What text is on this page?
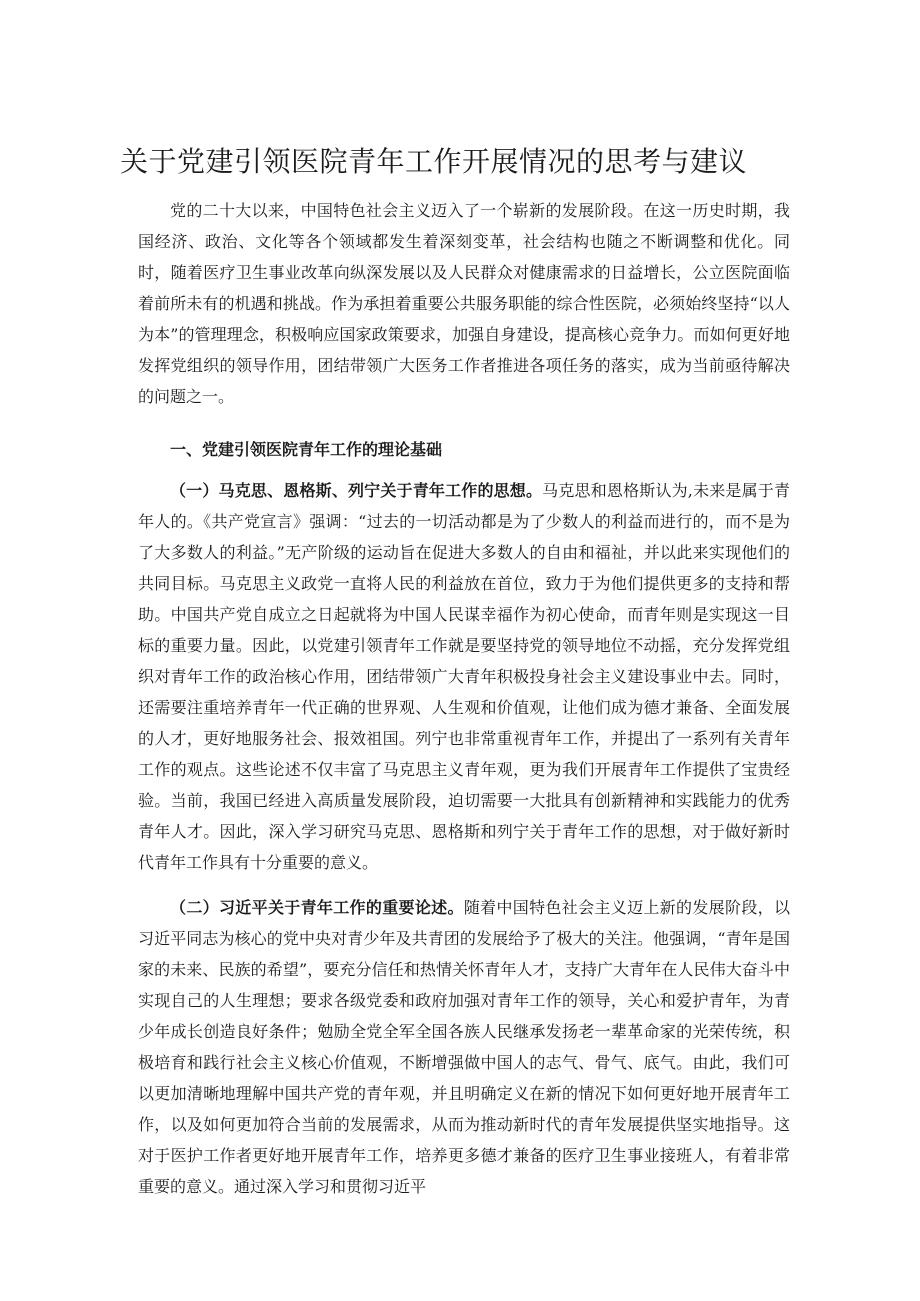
关于党建引领医院青年工作开展情况的思考与建议

党的二十大以来，中国特色社会主义迈入了一个崭新的发展阶段。在这一历史时期，我国经济、政治、文化等各个领域都发生着深刻变革，社会结构也随之不断调整和优化。同时，随着医疗卫生事业改革向纵深发展以及人民群众对健康需求的日益增长，公立医院面临着前所未有的机遇和挑战。作为承担着重要公共服务职能的综合性医院，必须始终坚持“以人为本”的管理理念，积极响应国家政策要求，加强自身建设，提高核心竞争力。而如何更好地发挥党组织的领导作用，团结带领广大医务工作者推进各项任务的落实，成为当前亟待解决的问题之一。

一、党建引领医院青年工作的理论基础

（一）马克思、恩格斯、列宁关于青年工作的思想。马克思和恩格斯认为,未来是属于青年人的。《共产党宣言》强调：“过去的一切活动都是为了少数人的利益而进行的，而不是为了大多数人的利益。”无产阶级的运动旨在促进大多数人的自由和福祉，并以此来实现他们的共同目标。马克思主义政党一直将人民的利益放在首位，致力于为他们提供更多的支持和帮助。中国共产党自成立之日起就将为中国人民谋幸福作为初心使命，而青年则是实现这一目标的重要力量。因此，以党建引领青年工作就是要坚持党的领导地位不动摇，充分发挥党组织对青年工作的政治核心作用，团结带领广大青年积极投身社会主义建设事业中去。同时，还需要注重培养青年一代正确的世界观、人生观和价值观，让他们成为德才兼备、全面发展的人才，更好地服务社会、报效祖国。列宁也非常重视青年工作，并提出了一系列有关青年工作的观点。这些论述不仅丰富了马克思主义青年观，更为我们开展青年工作提供了宝贵经验。当前，我国已经进入高质量发展阶段，迫切需要一大批具有创新精神和实践能力的优秀青年人才。因此，深入学习研究马克思、恩格斯和列宁关于青年工作的思想，对于做好新时代青年工作具有十分重要的意义。

（二）习近平关于青年工作的重要论述。随着中国特色社会主义迈上新的发展阶段，以习近平同志为核心的党中央对青少年及共青团的发展给予了极大的关注。他强调，“青年是国家的未来、民族的希望”，要充分信任和热情关怀青年人才，支持广大青年在人民伟大奋斗中实现自己的人生理想；要求各级党委和政府加强对青年工作的领导，关心和爱护青年，为青少年成长创造良好条件；勉励全党全军全国各族人民继承发扬老一辈革命家的光荣传统，积极培育和践行社会主义核心价值观，不断增强做中国人的志气、骨气、底气。由此，我们可以更加清晰地理解中国共产党的青年观，并且明确定义在新的情况下如何更好地开展青年工作，以及如何更加符合当前的发展需求，从而为推动新时代的青年发展提供坚实地指导。这对于医护工作者更好地开展青年工作，培养更多德才兼备的医疗卫生事业接班人，有着非常重要的意义。通过深入学习和贯彻习近平
